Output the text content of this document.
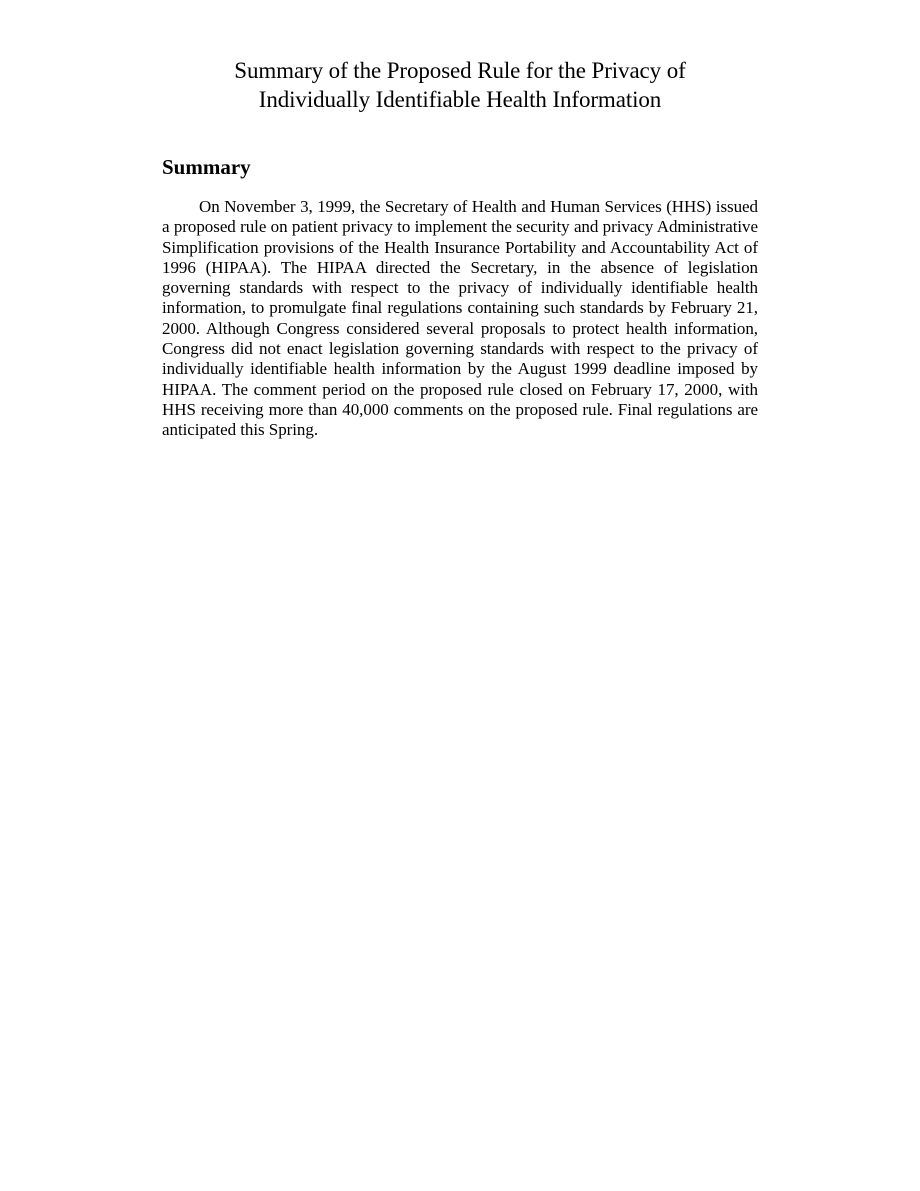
Summary of the Proposed Rule for the Privacy of
Individually Identifiable Health Information
Summary

On November 3, 1999, the Secretary of Health and Human Services (HHS) issued a proposed rule on patient privacy to implement the security and privacy Administrative Simplification provisions of the Health Insurance Portability and Accountability Act of 1996 (HIPAA). The HIPAA directed the Secretary, in the absence of legislation governing standards with respect to the privacy of individually identifiable health information, to promulgate final regulations containing such standards by February 21, 2000. Although Congress considered several proposals to protect health information, Congress did not enact legislation governing standards with respect to the privacy of individually identifiable health information by the August 1999 deadline imposed by HIPAA. The comment period on the proposed rule closed on February 17, 2000, with HHS receiving more than 40,000 comments on the proposed rule. Final regulations are anticipated this Spring.
